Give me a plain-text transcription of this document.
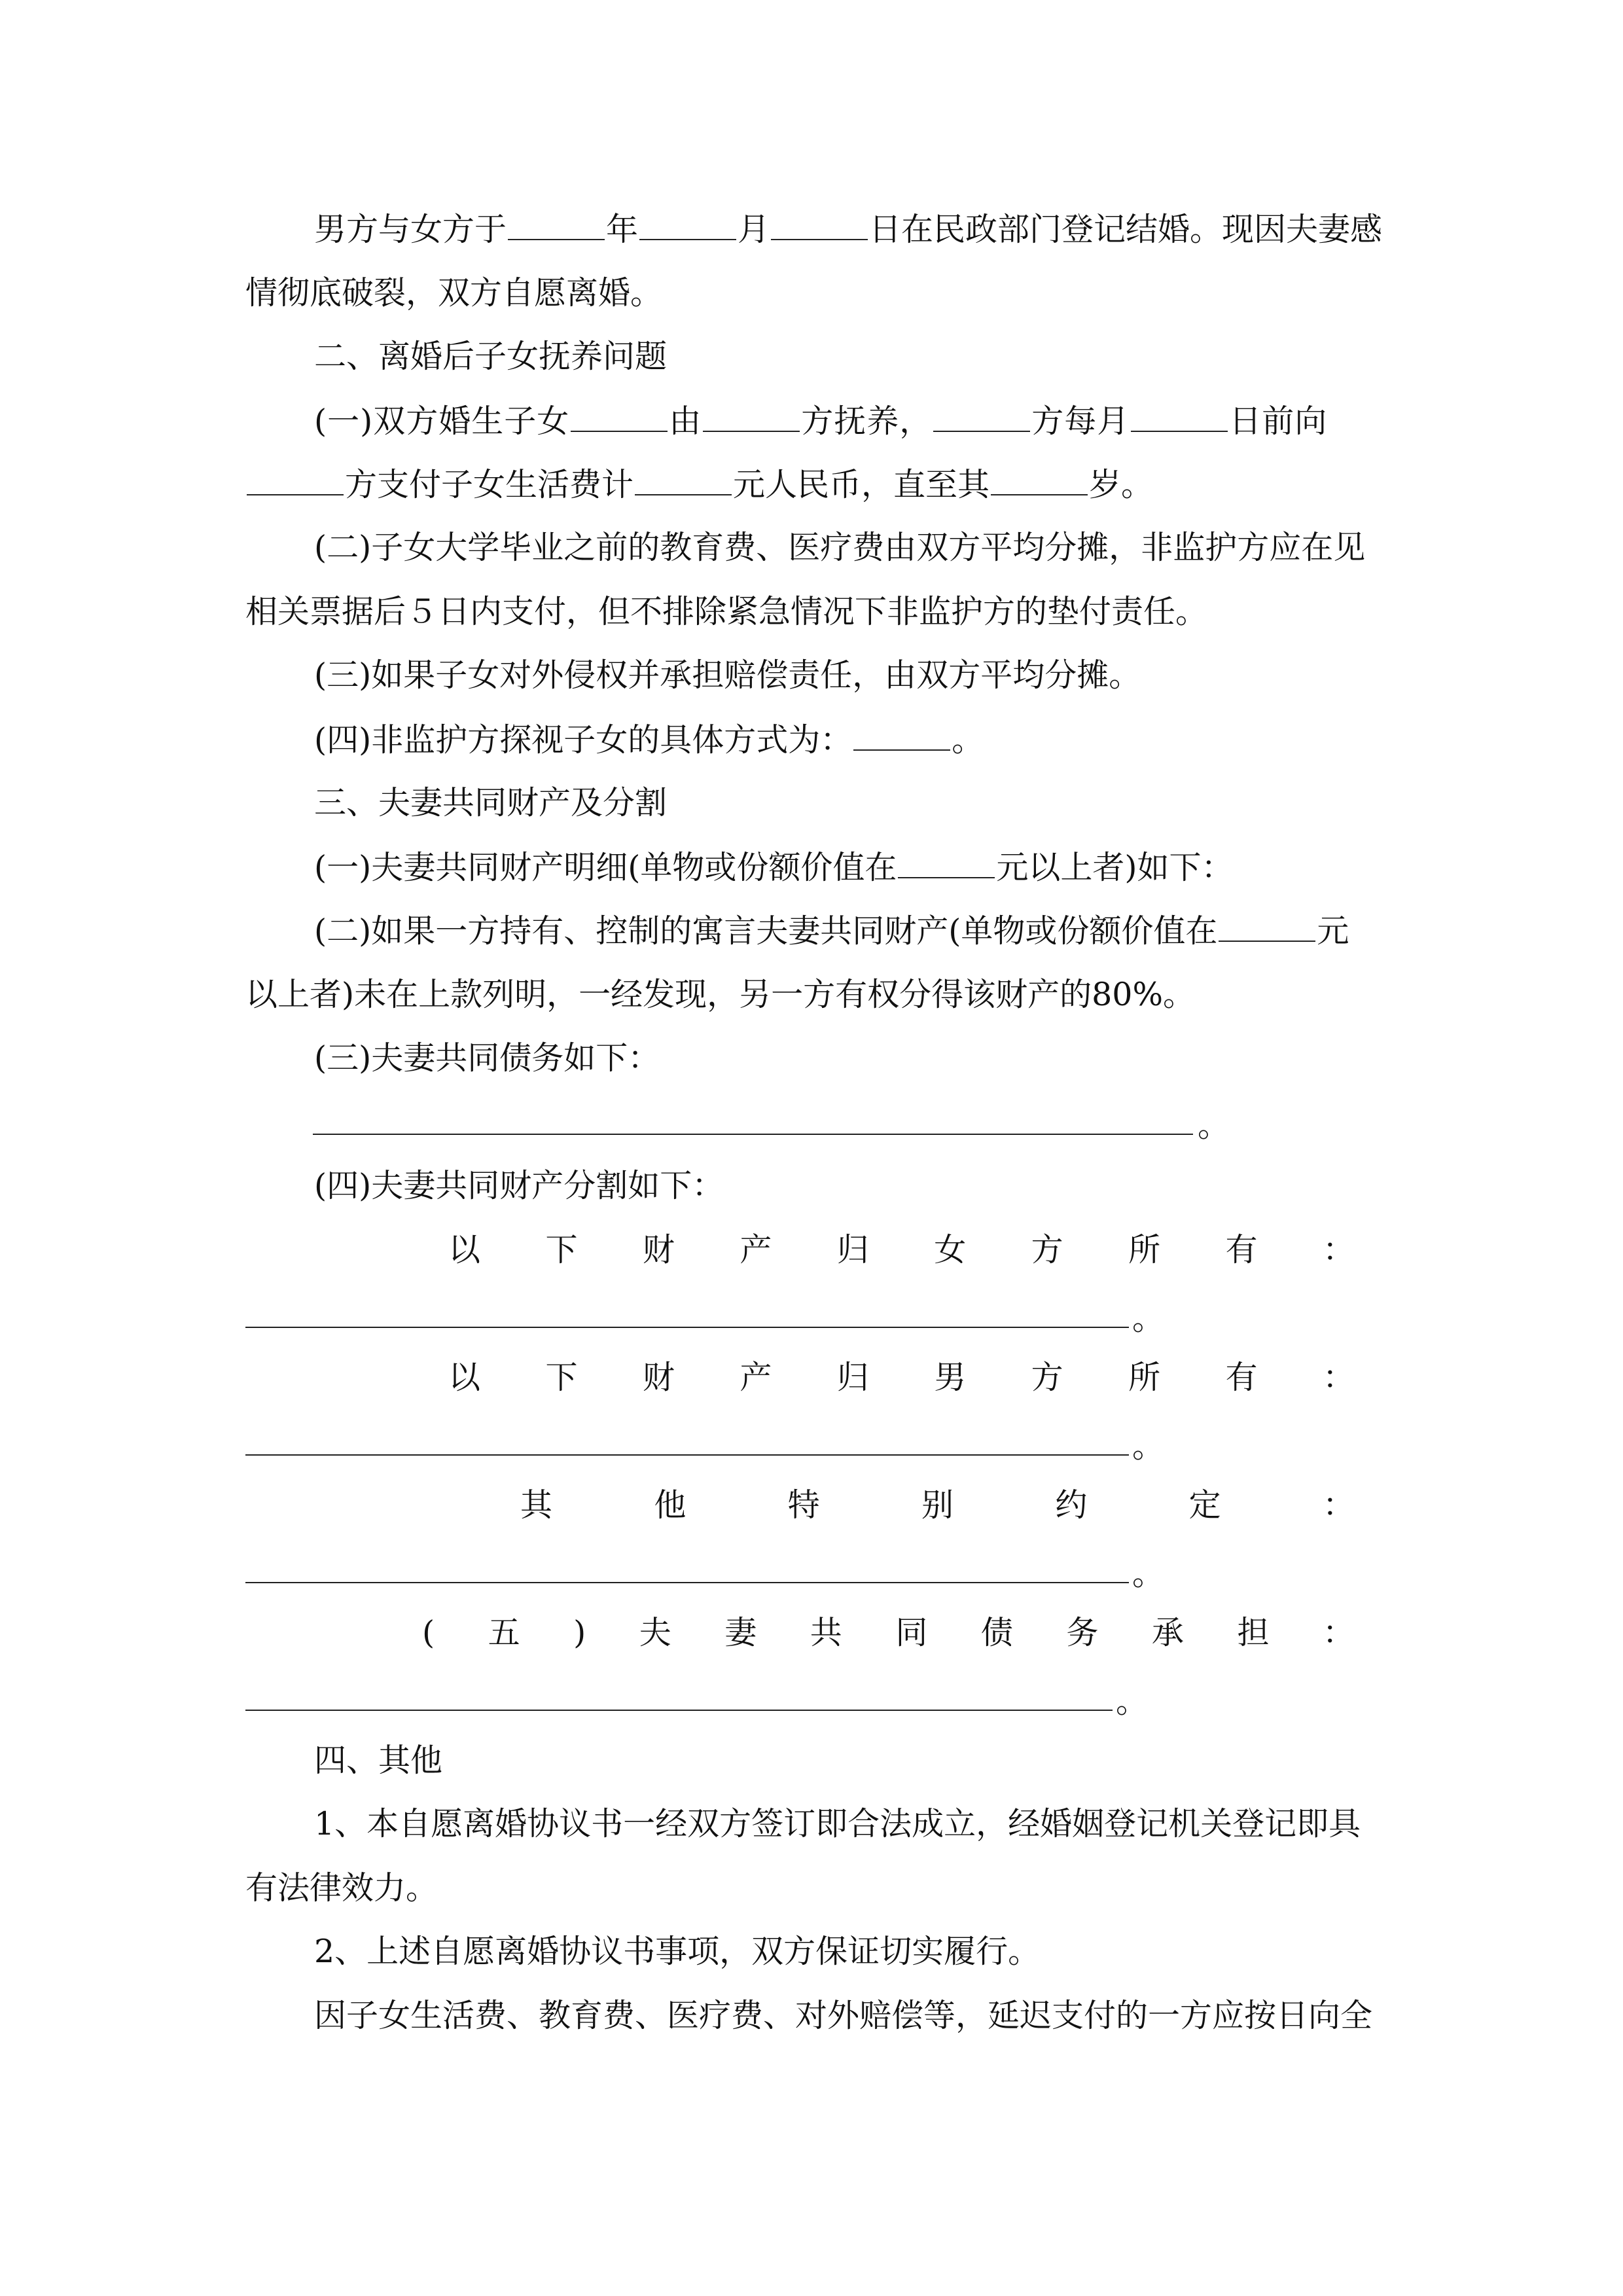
男方与女方于	年	月	日在民政部门登记结婚。现因夫妻感
情彻底破裂，双方自愿离婚。
二、离婚后子女抚养问题
(一)双方婚生子女	由	方抚养，	方每月	日前向
方支付子女生活费计	元人民币，直至其	岁。
(二)子女大学毕业之前的教育费、医疗费由双方平均分摊，非监护方应在见
相关票据后５日内支付，但不排除紧急情况下非监护方的垫付责任。
(三)如果子女对外侵权并承担赔偿责任，由双方平均分摊。
(四)非监护方探视子女的具体方式为：	。
三、夫妻共同财产及分割
(一)夫妻共同财产明细(单物或份额价值在	元以上者)如下：
(二)如果一方持有、控制的寓言夫妻共同财产(单物或份额价值在	元
以上者)未在上款列明，一经发现，另一方有权分得该财产的80%。
(三)夫妻共同债务如下：
。
(四)夫妻共同财产分割如下：
以 下 财 产 归 女 方 所 有 ：
。
以 下 财 产 归 男 方 所 有 ：
。
其	他	特	别	约	定	：
。
( 五 ) 夫 妻 共 同 债 务 承 担 ：
。
四、其他
1、本自愿离婚协议书一经双方签订即合法成立，经婚姻登记机关登记即具
有法律效力。
2、上述自愿离婚协议书事项，双方保证切实履行。
因子女生活费、教育费、医疗费、对外赔偿等，延迟支付的一方应按日向全
